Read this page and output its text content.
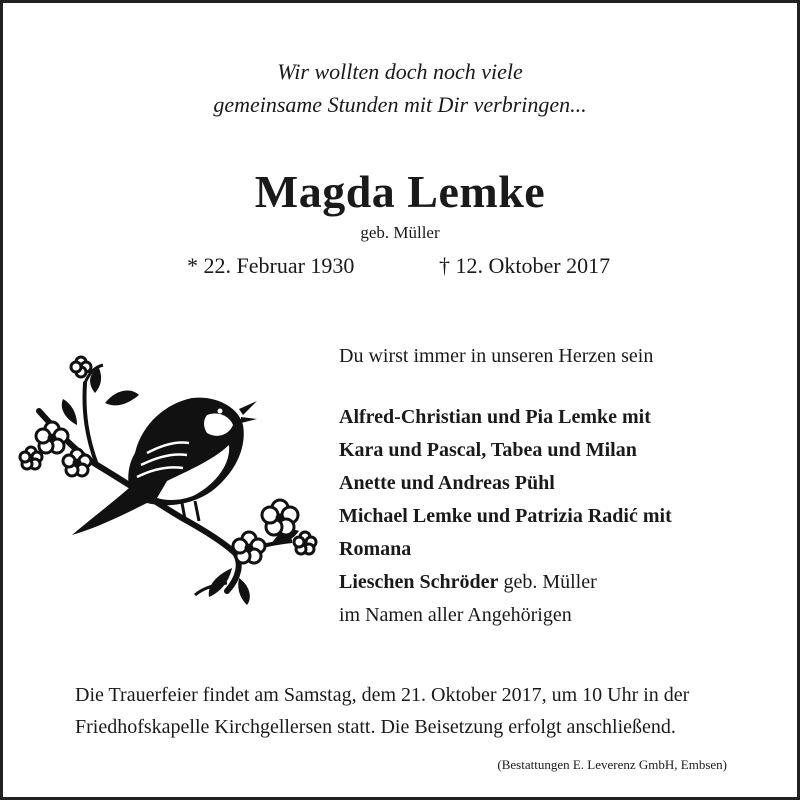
Wir wollten doch noch viele
gemeinsame Stunden mit Dir verbringen...
Magda Lemke
geb. Müller
* 22. Februar 1930	† 12. Oktober 2017
Du wirst immer in unseren Herzen sein
Alfred-Christian und Pia Lemke mit
Kara und Pascal, Tabea und Milan
Anette und Andreas Pühl
Michael Lemke und Patrizia Radić mit
Romana
Lieschen Schröder geb. Müller
im Namen aller Angehörigen
Die Trauerfeier findet am Samstag, dem 21. Oktober 2017, um 10 Uhr in der
Friedhofskapelle Kirchgellersen statt. Die Beisetzung erfolgt anschließend.
(Bestattungen E. Leverenz GmbH, Embsen)
